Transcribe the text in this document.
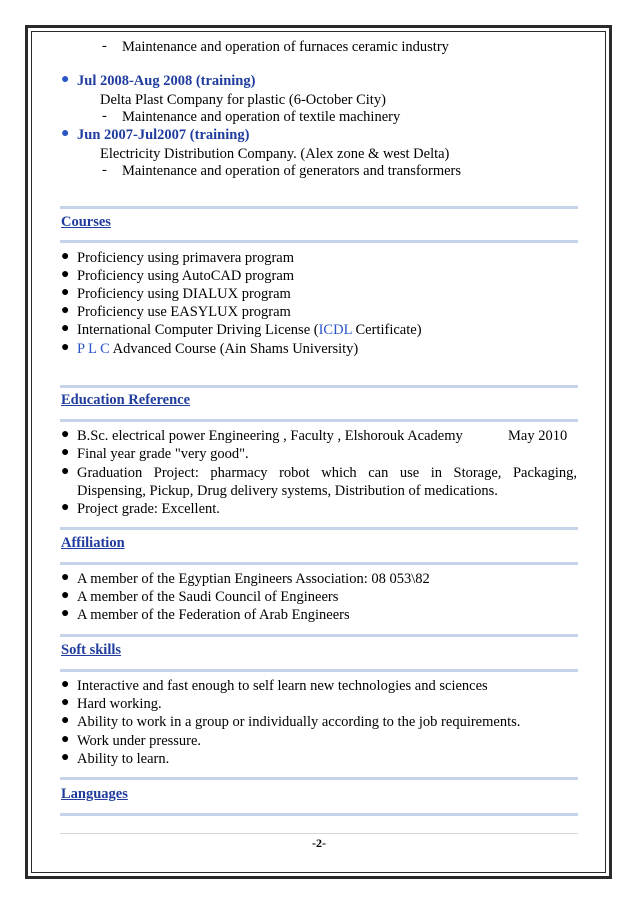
- Maintenance and operation of furnaces ceramic industry
● Jul 2008-Aug 2008 (training)
Delta Plast Company for plastic (6-October City)
- Maintenance and operation of textile machinery
● Jun 2007-Jul2007 (training)
Electricity Distribution Company. (Alex zone & west Delta)
- Maintenance and operation of generators and transformers
Courses
● Proficiency using primavera program
● Proficiency using AutoCAD program
● Proficiency using DIALUX program
● Proficiency use EASYLUX program
● International Computer Driving License (ICDL Certificate)
● P L C Advanced Course (Ain Shams University)
Education Reference
● B.Sc. electrical power Engineering , Faculty , Elshorouk Academy	May 2010
● Final year grade "very good".
● Graduation Project: pharmacy robot which can use in Storage, Packaging,
Dispensing, Pickup, Drug delivery systems, Distribution of medications.
● Project grade: Excellent.
Affiliation
● A member of the Egyptian Engineers Association: 08 053\82
● A member of the Saudi Council of Engineers
● A member of the Federation of Arab Engineers
Soft skills
● Interactive and fast enough to self learn new technologies and sciences
● Hard working.
● Ability to work in a group or individually according to the job requirements.
● Work under pressure.
● Ability to learn.
Languages
-2-
